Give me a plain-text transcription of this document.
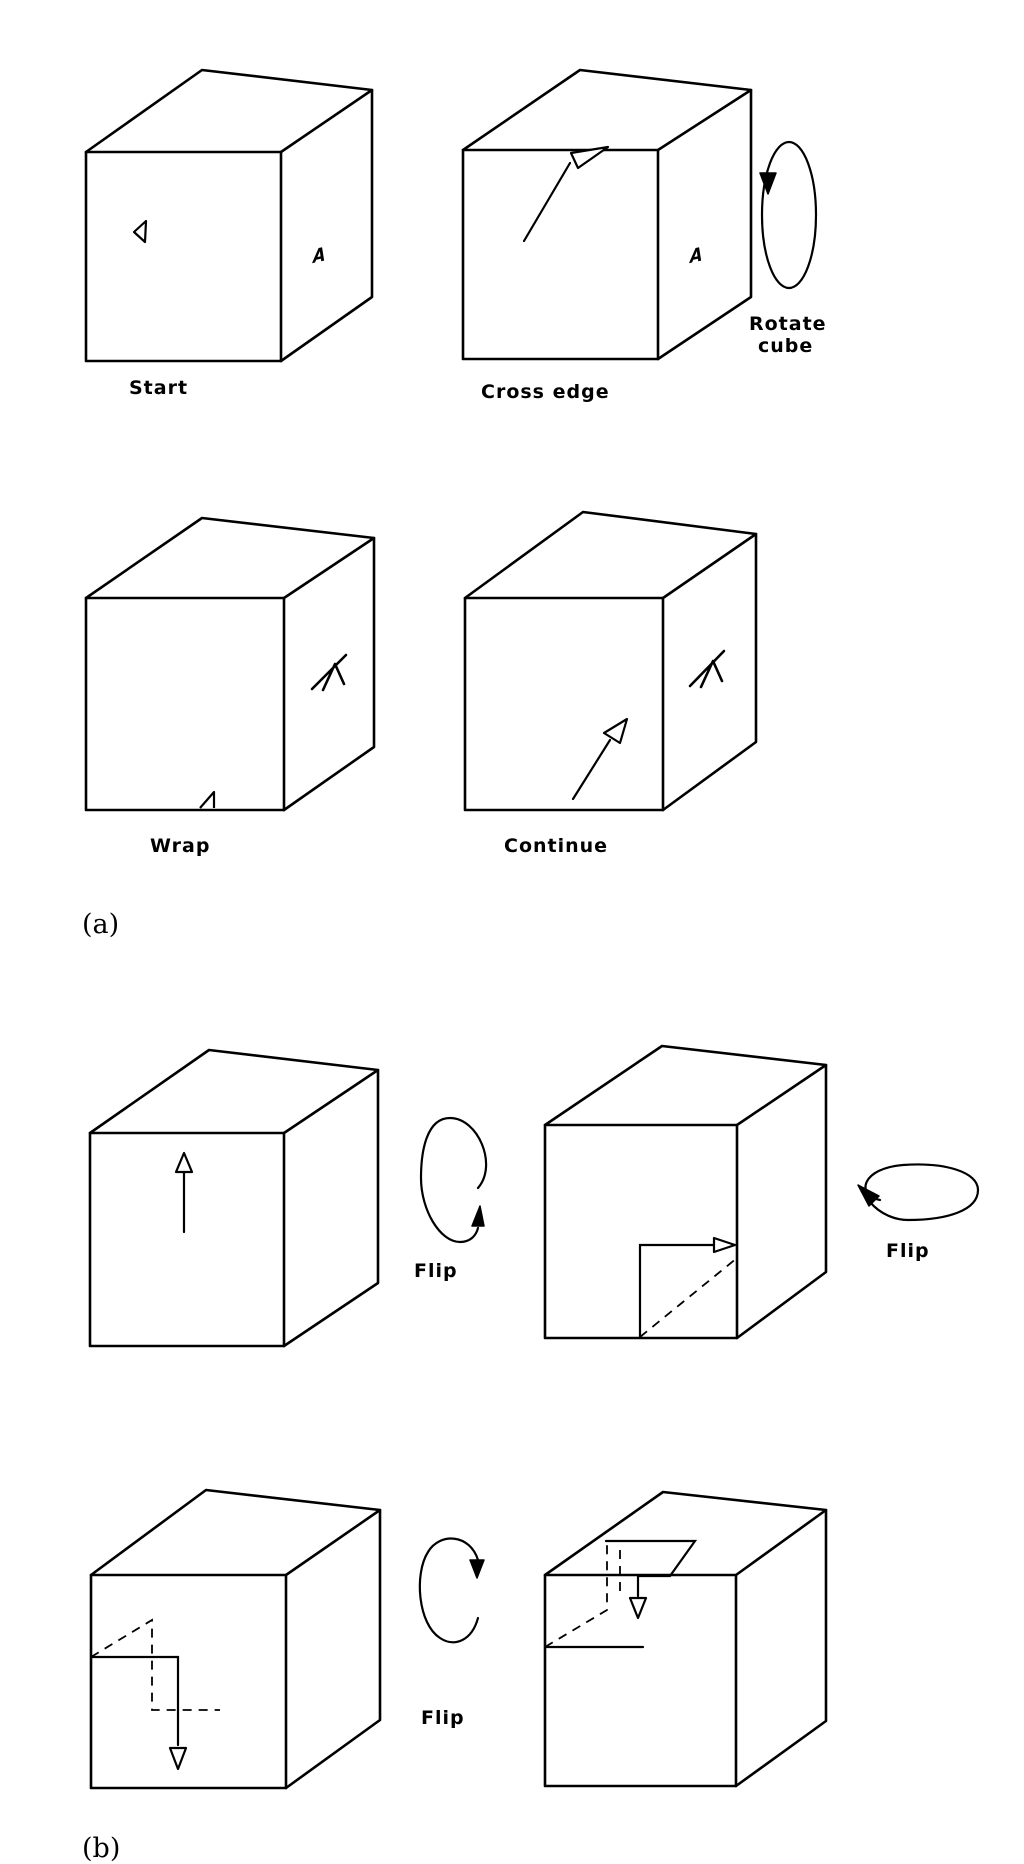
A
Start
A
Cross edge
Rotate
cube
Wrap	Continue
(a)
Flip
Flip
Flip
(b)
